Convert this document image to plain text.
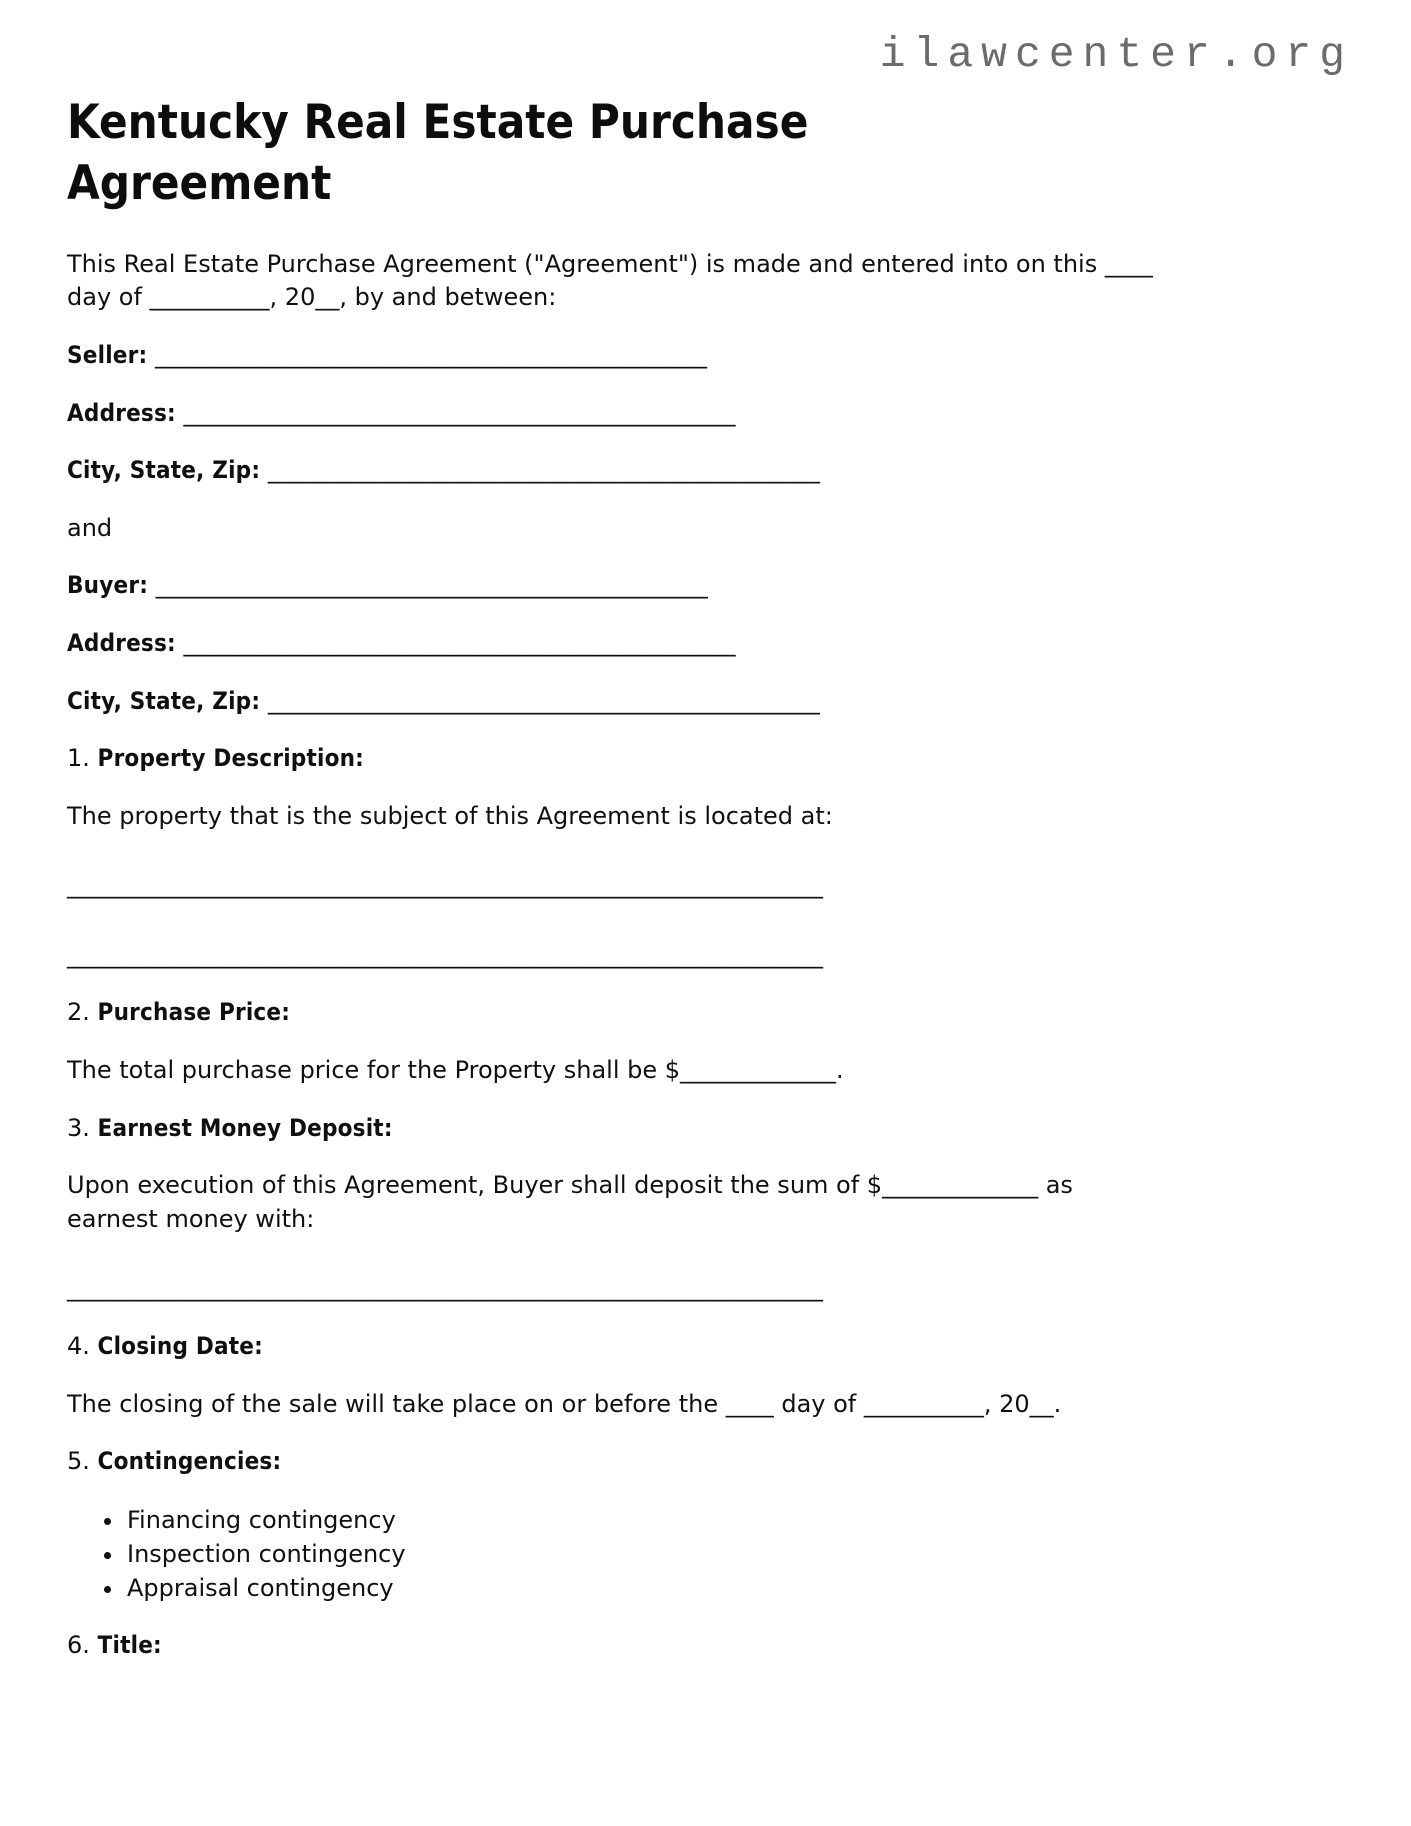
ilawcenter.org
Kentucky Real Estate Purchase
Agreement

This Real Estate Purchase Agreement ("Agreement") is made and entered into on this ____
day of __________, 20__, by and between:

Seller: ______________________________________________

Address: ______________________________________________

City, State, Zip: ______________________________________________

and

Buyer: ______________________________________________

Address: ______________________________________________

City, State, Zip: ______________________________________________

1. Property Description:

The property that is the subject of this Agreement is located at:

_______________________________________________________________

_______________________________________________________________

2. Purchase Price:

The total purchase price for the Property shall be $_____________.

3. Earnest Money Deposit:

Upon execution of this Agreement, Buyer shall deposit the sum of $_____________ as
earnest money with:

_______________________________________________________________

4. Closing Date:

The closing of the sale will take place on or before the ____ day of __________, 20__.

5. Contingencies:

• Financing contingency
• Inspection contingency
• Appraisal contingency

6. Title:
